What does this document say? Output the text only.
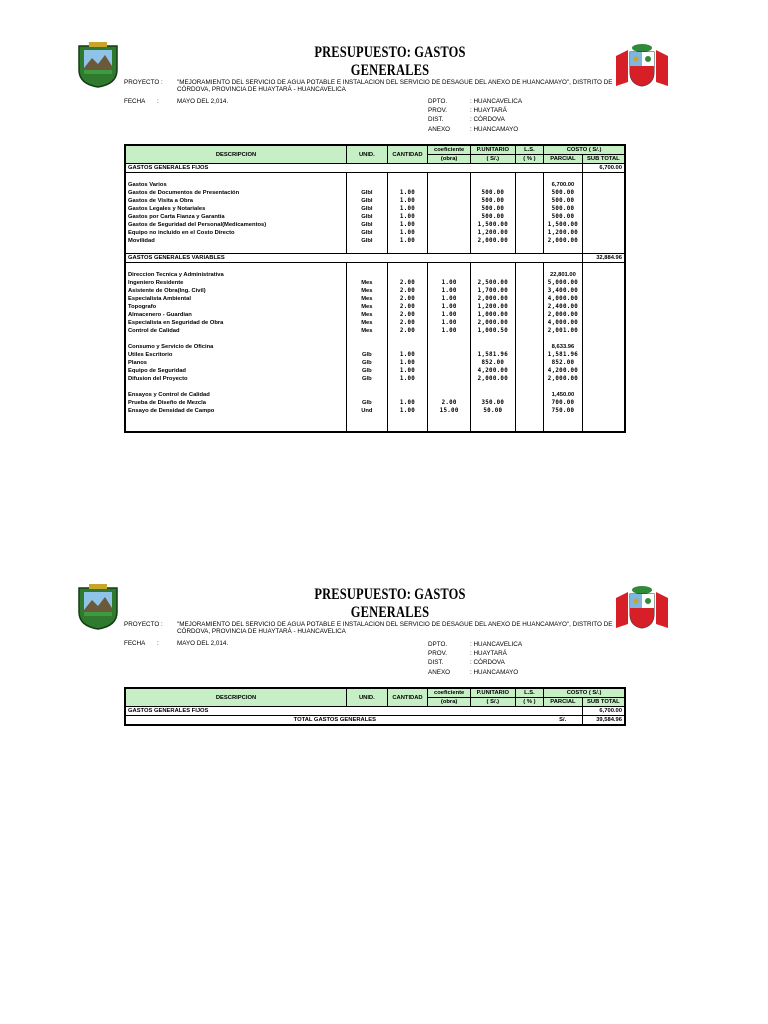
PRESUPUESTO: GASTOS GENERALES
PROYECTO : "MEJORAMIENTO DEL SERVICIO DE AGUA POTABLE E INSTALACION DEL SERVICIO DE DESAGUE DEL ANEXO DE HUANCAMAYO", DISTRITO DE CÓRDOVA, PROVINCIA DE HUAYTARÁ - HUANCAVELICA
FECHA :	MAYO DEL 2,014.	DPTO.	: HUANCAVELICA
PROV.	: HUAYTARÁ
DIST.	: CÓRDOVA
ANEXO	: HUANCAMAYO
DESCRIPCION	UNID.	CANTIDAD	coeficiente	P.UNITARIO	L.S.	COSTO ( S/.)	
			(obra)	( S/.)	( % )	PARCIAL	SUB TOTAL
GASTOS GENERALES FIJOS							6,700.00

Gastos Varios						6,700.00	
Gastos de Documentos de Presentación	Glbl	1.00		500.00		500.00	
Gastos de Visita a Obra	Glbl	1.00		500.00		500.00	
Gastos Legales y Notariales	Glbl	1.00		500.00		500.00	
Gastos por Carta Fianza y Garantía	Glbl	1.00		500.00		500.00	
Gastos de Seguridad del Personal(Medicamentos)	Glbl	1.00		1,500.00		1,500.00	
Equipo no incluido en el Costo Directo	Glbl	1.00		1,200.00		1,200.00	
Movilidad	Glbl	1.00		2,000.00		2,000.00	

GASTOS GENERALES VARIABLES							32,884.96

Direccion Tecnica y Administrativa						22,801.00	
Ingeniero Residente	Mes	2.00	1.00	2,500.00		5,000.00	
Asistente de Obra(Ing. Civil)	Mes	2.00	1.00	1,700.00		3,400.00	
Especialista Ambiental	Mes	2.00	1.00	2,000.00		4,000.00	
Topografo	Mes	2.00	1.00	1,200.00		2,400.00	
Almacenero - Guardian	Mes	2.00	1.00	1,000.00		2,000.00	
Especialista en Seguridad de Obra	Mes	2.00	1.00	2,000.00		4,000.00	
Control de Calidad	Mes	2.00	1.00	1,000.50		2,001.00	

Consumo y Servicio de Oficina						8,633.96	
Utiles Escritorio	Glb	1.00		1,581.96		1,581.96	
Planos	Glb	1.00		852.00		852.00	
Equipo de Seguridad	Glb	1.00		4,200.00		4,200.00	
Difusion del Proyecto	Glb	1.00		2,000.00		2,000.00	

Ensayos y Control de Calidad						1,450.00	
Prueba de Diseño de Mezcla	Glb	1.00	2.00	350.00		700.00	
Ensayo de Densidad de Campo	Und	1.00	15.00	50.00		750.00	

PRESUPUESTO: GASTOS GENERALES
PROYECTO : "MEJORAMIENTO DEL SERVICIO DE AGUA POTABLE E INSTALACION DEL SERVICIO DE DESAGUE DEL ANEXO DE HUANCAMAYO", DISTRITO DE CÓRDOVA, PROVINCIA DE HUAYTARÁ - HUANCAVELICA
FECHA :	MAYO DEL 2,014.	DPTO.	: HUANCAVELICA
PROV.	: HUAYTARÁ
DIST.	: CÓRDOVA
ANEXO	: HUANCAMAYO
DESCRIPCION	UNID.	CANTIDAD	coeficiente	P.UNITARIO	L.S.	COSTO ( S/.)	
			(obra)	( S/.)	( % )	PARCIAL	SUB TOTAL
GASTOS GENERALES FIJOS							6,700.00
TOTAL GASTOS GENERALES						S/.	39,584.96
